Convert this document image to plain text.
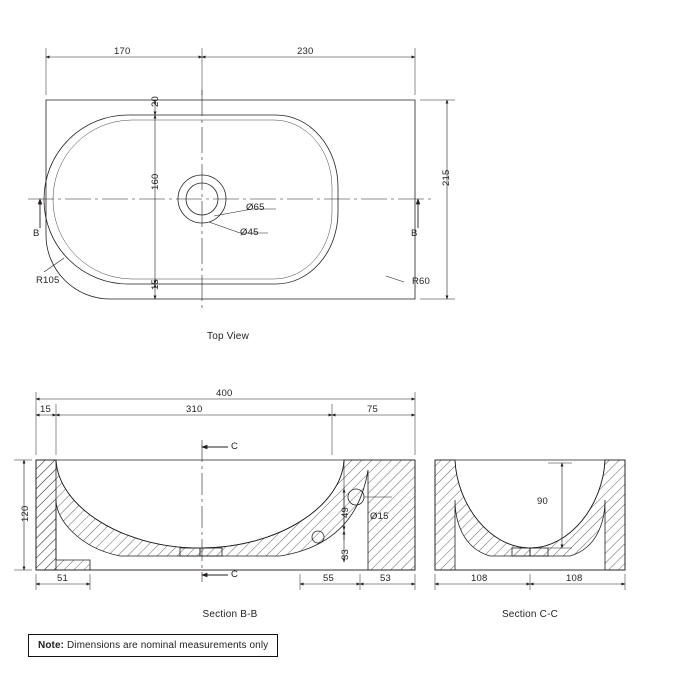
170	230
215
20
160
15
R105	R60
Ø65
Ø45
B	B
Top View
400
15	310	75
120
51	55	53
49
33
Ø15
C
C
Section B-B
90
108	108
Section C-C
Note: Dimensions are nominal measurements only
